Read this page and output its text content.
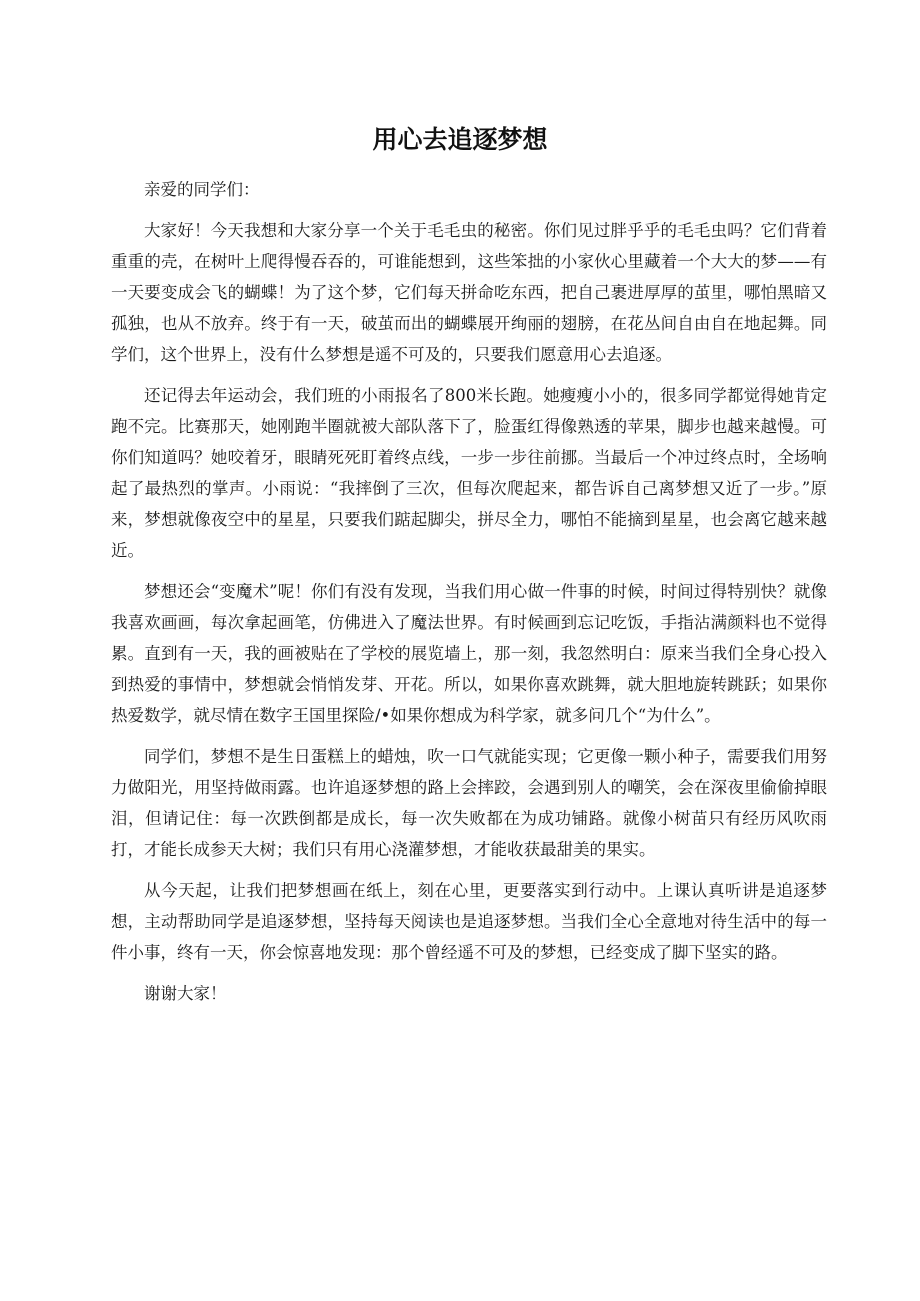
用心去追逐梦想

亲爱的同学们：

大家好！今天我想和大家分享一个关于毛毛虫的秘密。你们见过胖乎乎的毛毛虫吗？它们背着重重的壳，在树叶上爬得慢吞吞的，可谁能想到，这些笨拙的小家伙心里藏着一个大大的梦——有一天要变成会飞的蝴蝶！为了这个梦，它们每天拼命吃东西，把自己裹进厚厚的茧里，哪怕黑暗又孤独，也从不放弃。终于有一天，破茧而出的蝴蝶展开绚丽的翅膀，在花丛间自由自在地起舞。同学们，这个世界上，没有什么梦想是遥不可及的，只要我们愿意用心去追逐。

还记得去年运动会，我们班的小雨报名了800米长跑。她瘦瘦小小的，很多同学都觉得她肯定跑不完。比赛那天，她刚跑半圈就被大部队落下了，脸蛋红得像熟透的苹果，脚步也越来越慢。可你们知道吗？她咬着牙，眼睛死死盯着终点线，一步一步往前挪。当最后一个冲过终点时，全场响起了最热烈的掌声。小雨说：“我摔倒了三次，但每次爬起来，都告诉自己离梦想又近了一步。”原来，梦想就像夜空中的星星，只要我们踮起脚尖，拼尽全力，哪怕不能摘到星星，也会离它越来越近。

梦想还会“变魔术”呢！你们有没有发现，当我们用心做一件事的时候，时间过得特别快？就像我喜欢画画，每次拿起画笔，仿佛进入了魔法世界。有时候画到忘记吃饭，手指沾满颜料也不觉得累。直到有一天，我的画被贴在了学校的展览墙上，那一刻，我忽然明白：原来当我们全身心投入到热爱的事情中，梦想就会悄悄发芽、开花。所以，如果你喜欢跳舞，就大胆地旋转跳跃；如果你热爱数学，就尽情在数字王国里探险/•如果你想成为科学家，就多问几个“为什么”。

同学们，梦想不是生日蛋糕上的蜡烛，吹一口气就能实现；它更像一颗小种子，需要我们用努力做阳光，用坚持做雨露。也许追逐梦想的路上会摔跤，会遇到别人的嘲笑，会在深夜里偷偷掉眼泪，但请记住：每一次跌倒都是成长，每一次失败都在为成功铺路。就像小树苗只有经历风吹雨打，才能长成参天大树；我们只有用心浇灌梦想，才能收获最甜美的果实。

从今天起，让我们把梦想画在纸上，刻在心里，更要落实到行动中。上课认真听讲是追逐梦想，主动帮助同学是追逐梦想，坚持每天阅读也是追逐梦想。当我们全心全意地对待生活中的每一件小事，终有一天，你会惊喜地发现：那个曾经遥不可及的梦想，已经变成了脚下坚实的路。

谢谢大家！
